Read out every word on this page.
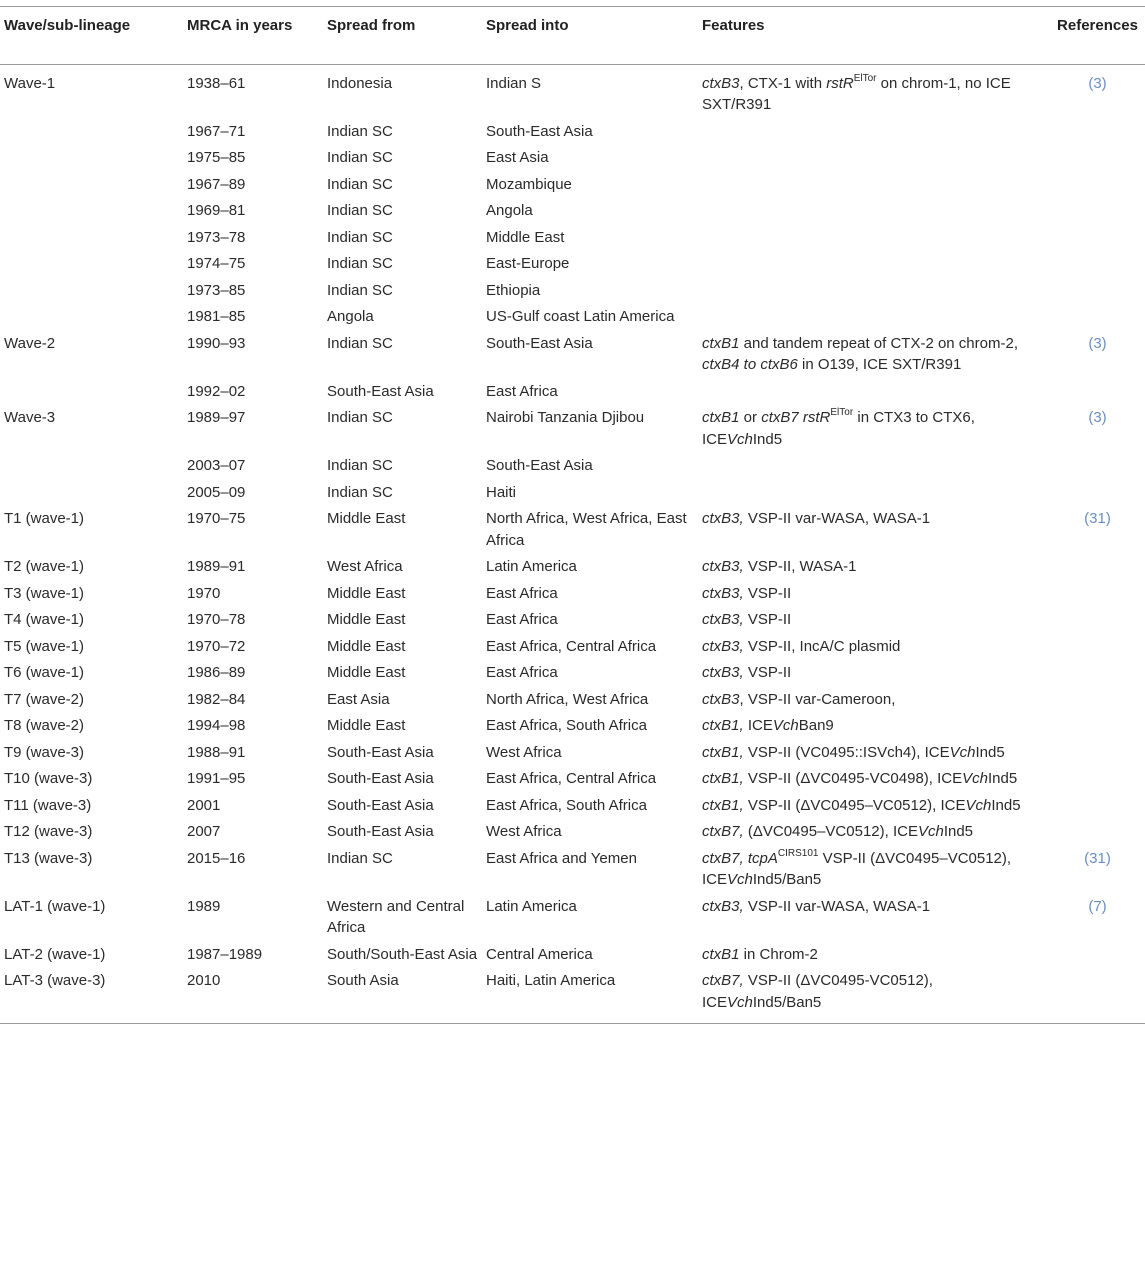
Wave/sub-lineage	MRCA in years	Spread from	Spread into	Features	References
Wave-1	1938–61	Indonesia	Indian S	ctxB3, CTX-1 with rstR$^{ElTor}$ on chrom-1, no ICE SXT/R391	(3)
	1967–71	Indian SC	South-East Asia		
	1975–85	Indian SC	East Asia		
	1967–89	Indian SC	Mozambique		
	1969–81	Indian SC	Angola		
	1973–78	Indian SC	Middle East		
	1974–75	Indian SC	East-Europe		
	1973–85	Indian SC	Ethiopia		
	1981–85	Angola	US-Gulf coast Latin America		
Wave-2	1990–93	Indian SC	South-East Asia	ctxB1 and tandem repeat of CTX-2 on chrom-2, ctxB4 to ctxB6 in O139, ICE SXT/R391	(3)
	1992–02	South-East Asia	East Africa		
Wave-3	1989–97	Indian SC	Nairobi Tanzania Djibou	ctxB1 or ctxB7 rstR$^{ElTor}$ in CTX3 to CTX6, ICEVchInd5	(3)
	2003–07	Indian SC	South-East Asia		
	2005–09	Indian SC	Haiti		
T1 (wave-1)	1970–75	Middle East	North Africa, West Africa, East Africa	ctxB3, VSP-II var-WASA, WASA-1	(31)
T2 (wave-1)	1989–91	West Africa	Latin America	ctxB3, VSP-II, WASA-1	
T3 (wave-1)	1970	Middle East	East Africa	ctxB3, VSP-II	
T4 (wave-1)	1970–78	Middle East	East Africa	ctxB3, VSP-II	
T5 (wave-1)	1970–72	Middle East	East Africa, Central Africa	ctxB3, VSP-II, IncA/C plasmid	
T6 (wave-1)	1986–89	Middle East	East Africa	ctxB3, VSP-II	
T7 (wave-2)	1982–84	East Asia	North Africa, West Africa	ctxB3, VSP-II var-Cameroon,	
T8 (wave-2)	1994–98	Middle East	East Africa, South Africa	ctxB1, ICEVchBan9	
T9 (wave-3)	1988–91	South-East Asia	West Africa	ctxB1, VSP-II (VC0495::ISVch4), ICEVchInd5	
T10 (wave-3)	1991–95	South-East Asia	East Africa, Central Africa	ctxB1, VSP-II (ΔVC0495-VC0498), ICEVchInd5	
T11 (wave-3)	2001	South-East Asia	East Africa, South Africa	ctxB1, VSP-II (ΔVC0495–VC0512), ICEVchInd5	
T12 (wave-3)	2007	South-East Asia	West Africa	ctxB7, (ΔVC0495–VC0512), ICEVchInd5	
T13 (wave-3)	2015–16	Indian SC	East Africa and Yemen	ctxB7, tcpA$^{CIRS101}$ VSP-II (ΔVC0495–VC0512), ICEVchInd5/Ban5	(31)
LAT-1 (wave-1)	1989	Western and Central Africa	Latin America	ctxB3, VSP-II var-WASA, WASA-1	(7)
LAT-2 (wave-1)	1987–1989	South/South-East Asia	Central America	ctxB1 in Chrom-2	
LAT-3 (wave-3)	2010	South Asia	Haiti, Latin America	ctxB7, VSP-II (ΔVC0495-VC0512), ICEVchInd5/Ban5	
